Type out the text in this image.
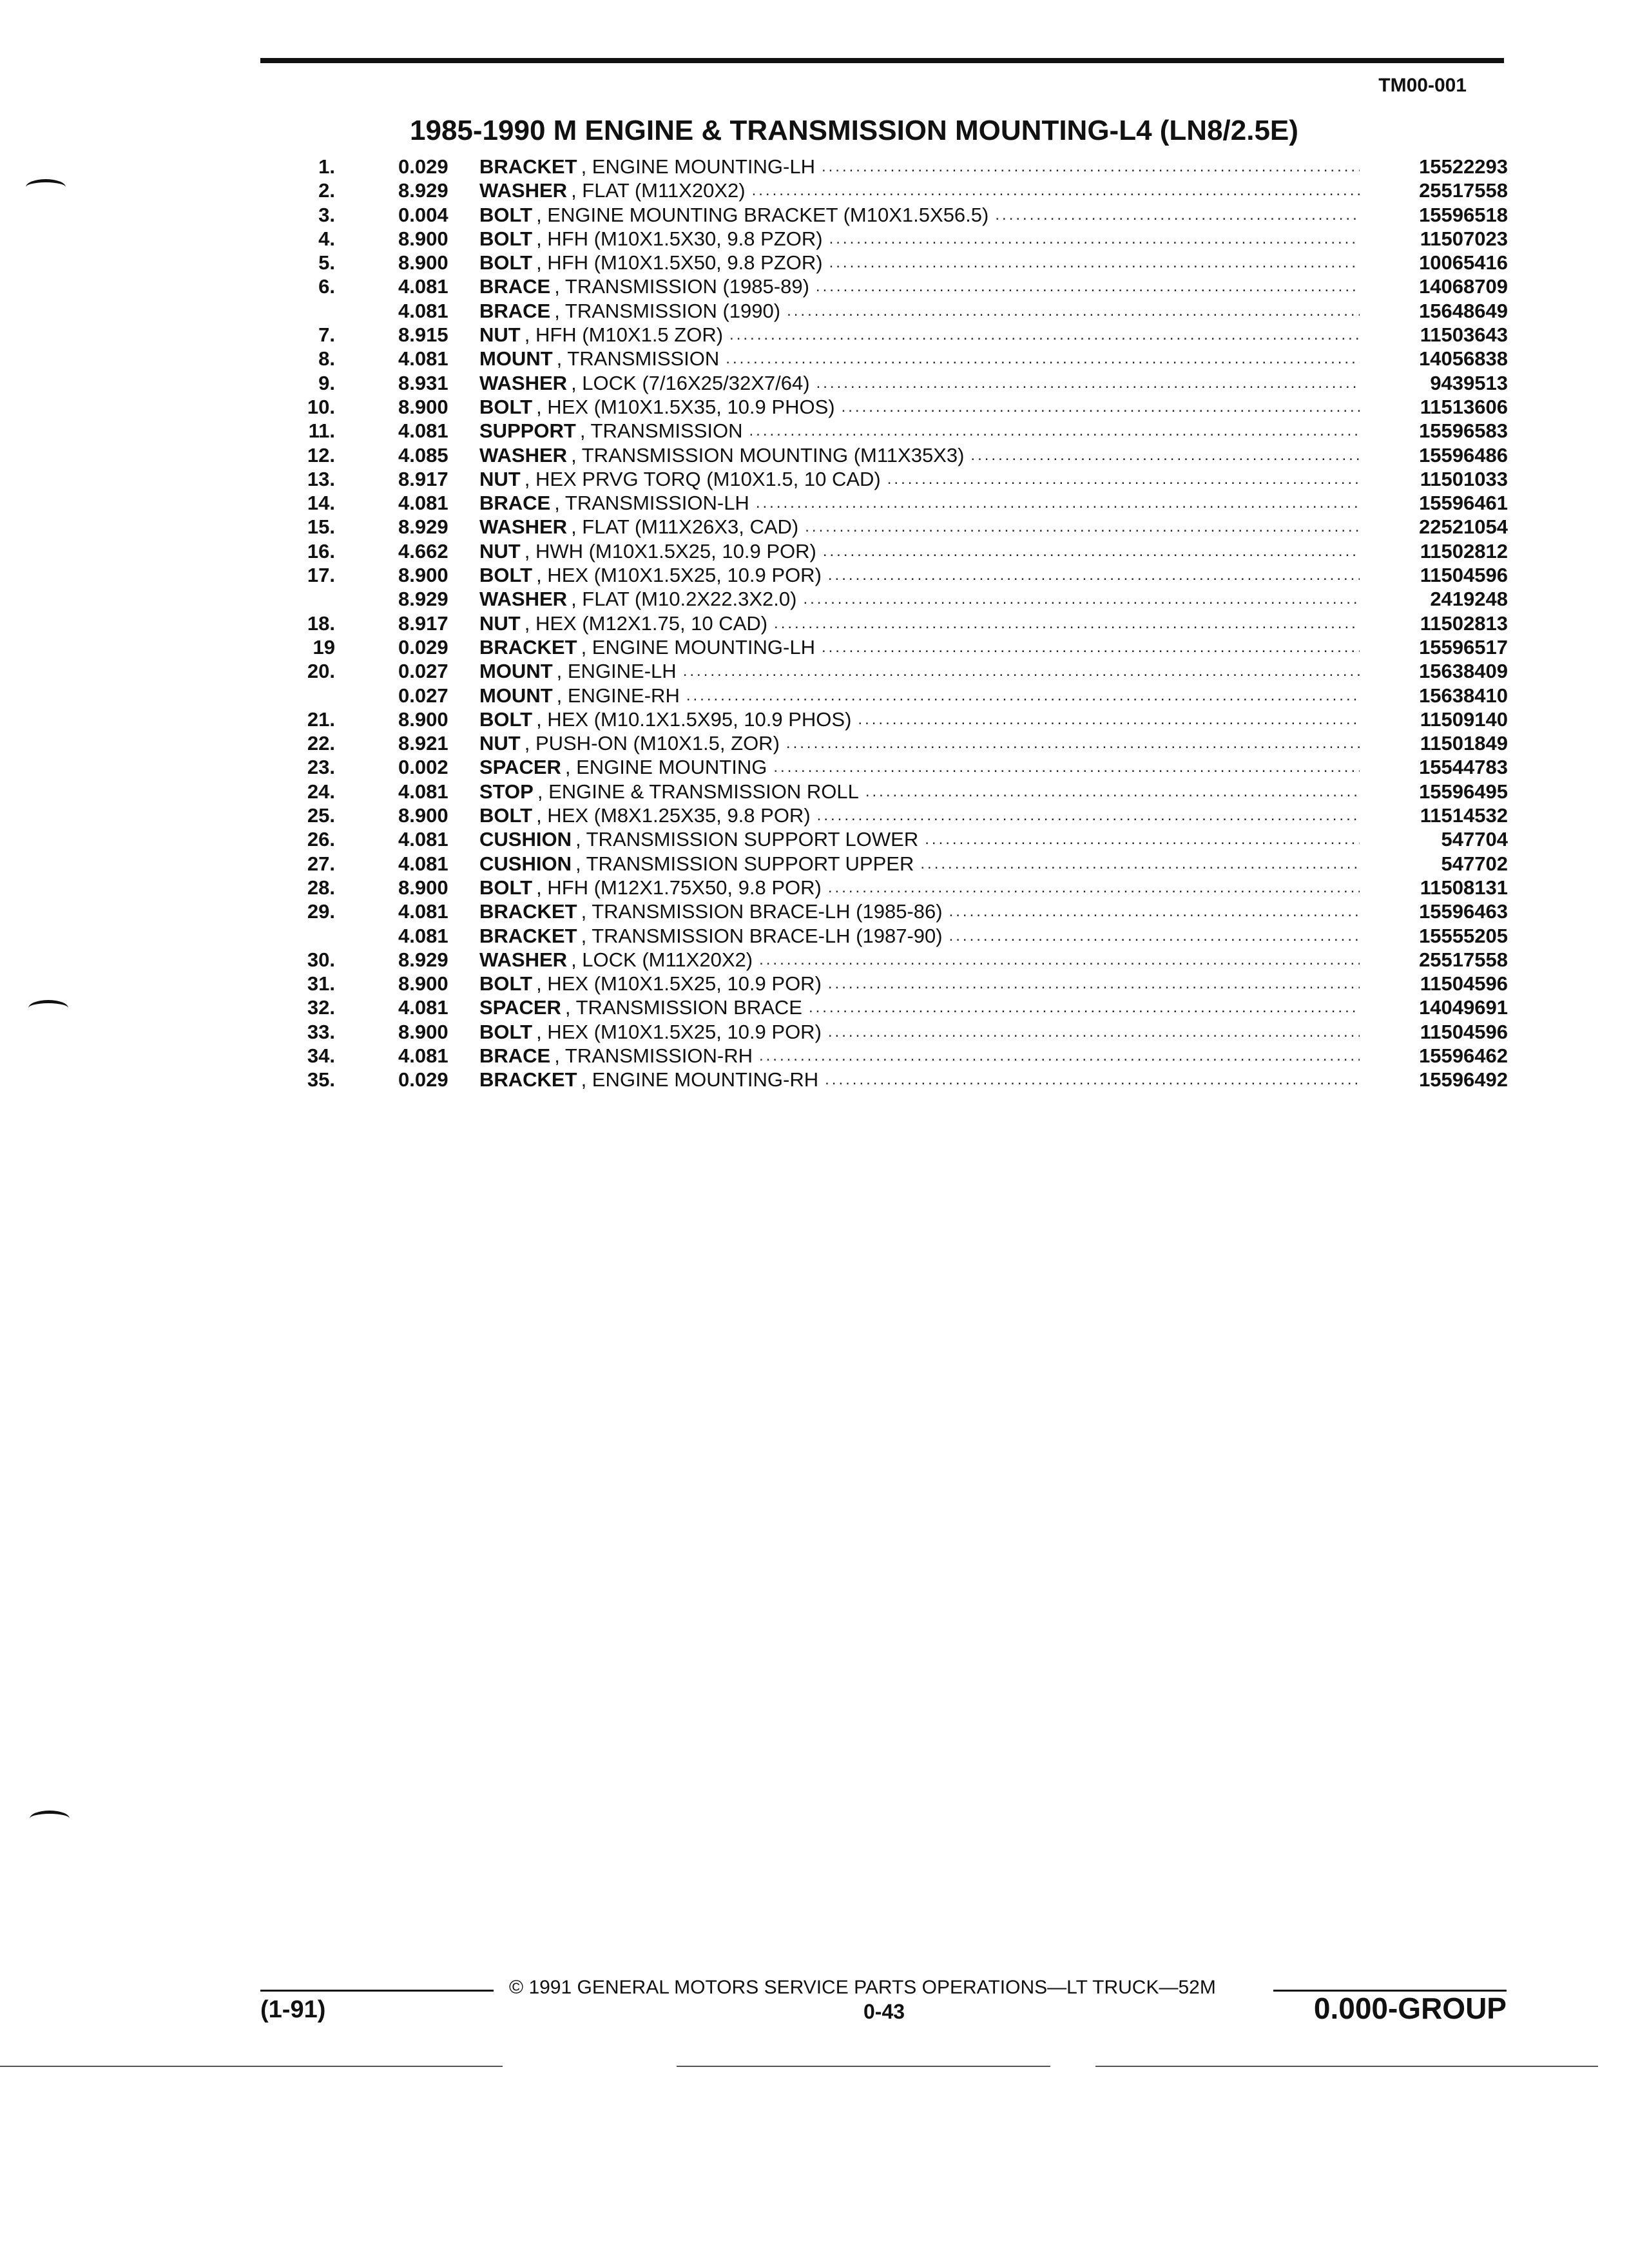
TM00-001
1985-1990 M ENGINE & TRANSMISSION MOUNTING-L4 (LN8/2.5E)
1.	0.029 BRACKET , ENGINE MOUNTING-LH .....	15522293
2.	8.929 WASHER , FLAT (M11X20X2) .....	25517558
3.	0.004 BOLT , ENGINE MOUNTING BRACKET (M10X1.5X56.5) .....	15596518
4.	8.900 BOLT , HFH (M10X1.5X30, 9.8 PZOR) .....	11507023
5.	8.900 BOLT , HFH (M10X1.5X50, 9.8 PZOR) .....	10065416
6.	4.081 BRACE , TRANSMISSION (1985-89) .....	14068709
4.081 BRACE , TRANSMISSION (1990) .....	15648649
7.	8.915 NUT , HFH (M10X1.5 ZOR) .....	11503643
8.	4.081 MOUNT , TRANSMISSION .....	14056838
9.	8.931 WASHER , LOCK (7/16X25/32X7/64) .....	9439513
10.	8.900 BOLT , HEX (M10X1.5X35, 10.9 PHOS) .....	11513606
11.	4.081 SUPPORT , TRANSMISSION .....	15596583
12.	4.085 WASHER , TRANSMISSION MOUNTING (M11X35X3) .....	15596486
13.	8.917 NUT , HEX PRVG TORQ (M10X1.5, 10 CAD) .....	11501033
14.	4.081 BRACE , TRANSMISSION-LH .....	15596461
15.	8.929 WASHER , FLAT (M11X26X3, CAD) .....	22521054
16.	4.662 NUT , HWH (M10X1.5X25, 10.9 POR) .....	11502812
17.	8.900 BOLT , HEX (M10X1.5X25, 10.9 POR) .....	11504596
8.929 WASHER , FLAT (M10.2X22.3X2.0) .....	2419248
18.	8.917 NUT , HEX (M12X1.75, 10 CAD) .....	11502813
19	0.029 BRACKET , ENGINE MOUNTING-LH .....	15596517
20.	0.027 MOUNT , ENGINE-LH .....	15638409
0.027 MOUNT , ENGINE-RH .....	15638410
21.	8.900 BOLT , HEX (M10.1X1.5X95, 10.9 PHOS) .....	11509140
22.	8.921 NUT , PUSH-ON (M10X1.5, ZOR) .....	11501849
23.	0.002 SPACER , ENGINE MOUNTING .....	15544783
24.	4.081 STOP , ENGINE & TRANSMISSION ROLL .....	15596495
25.	8.900 BOLT , HEX (M8X1.25X35, 9.8 POR) .....	11514532
26.	4.081 CUSHION , TRANSMISSION SUPPORT LOWER .....	547704
27.	4.081 CUSHION , TRANSMISSION SUPPORT UPPER .....	547702
28.	8.900 BOLT , HFH (M12X1.75X50, 9.8 POR) .....	11508131
29.	4.081 BRACKET , TRANSMISSION BRACE-LH (1985-86) .....	15596463
4.081 BRACKET , TRANSMISSION BRACE-LH (1987-90) .....	15555205
30.	8.929 WASHER , LOCK (M11X20X2) .....	25517558
31.	8.900 BOLT , HEX (M10X1.5X25, 10.9 POR) .....	11504596
32.	4.081 SPACER , TRANSMISSION BRACE .....	14049691
33.	8.900 BOLT , HEX (M10X1.5X25, 10.9 POR) .....	11504596
34.	4.081 BRACE , TRANSMISSION-RH .....	15596462
35.	0.029 BRACKET , ENGINE MOUNTING-RH .....	15596492
© 1991 GENERAL MOTORS SERVICE PARTS OPERATIONS—LT TRUCK—52M
(1-91)	0-43	0.000-GROUP
